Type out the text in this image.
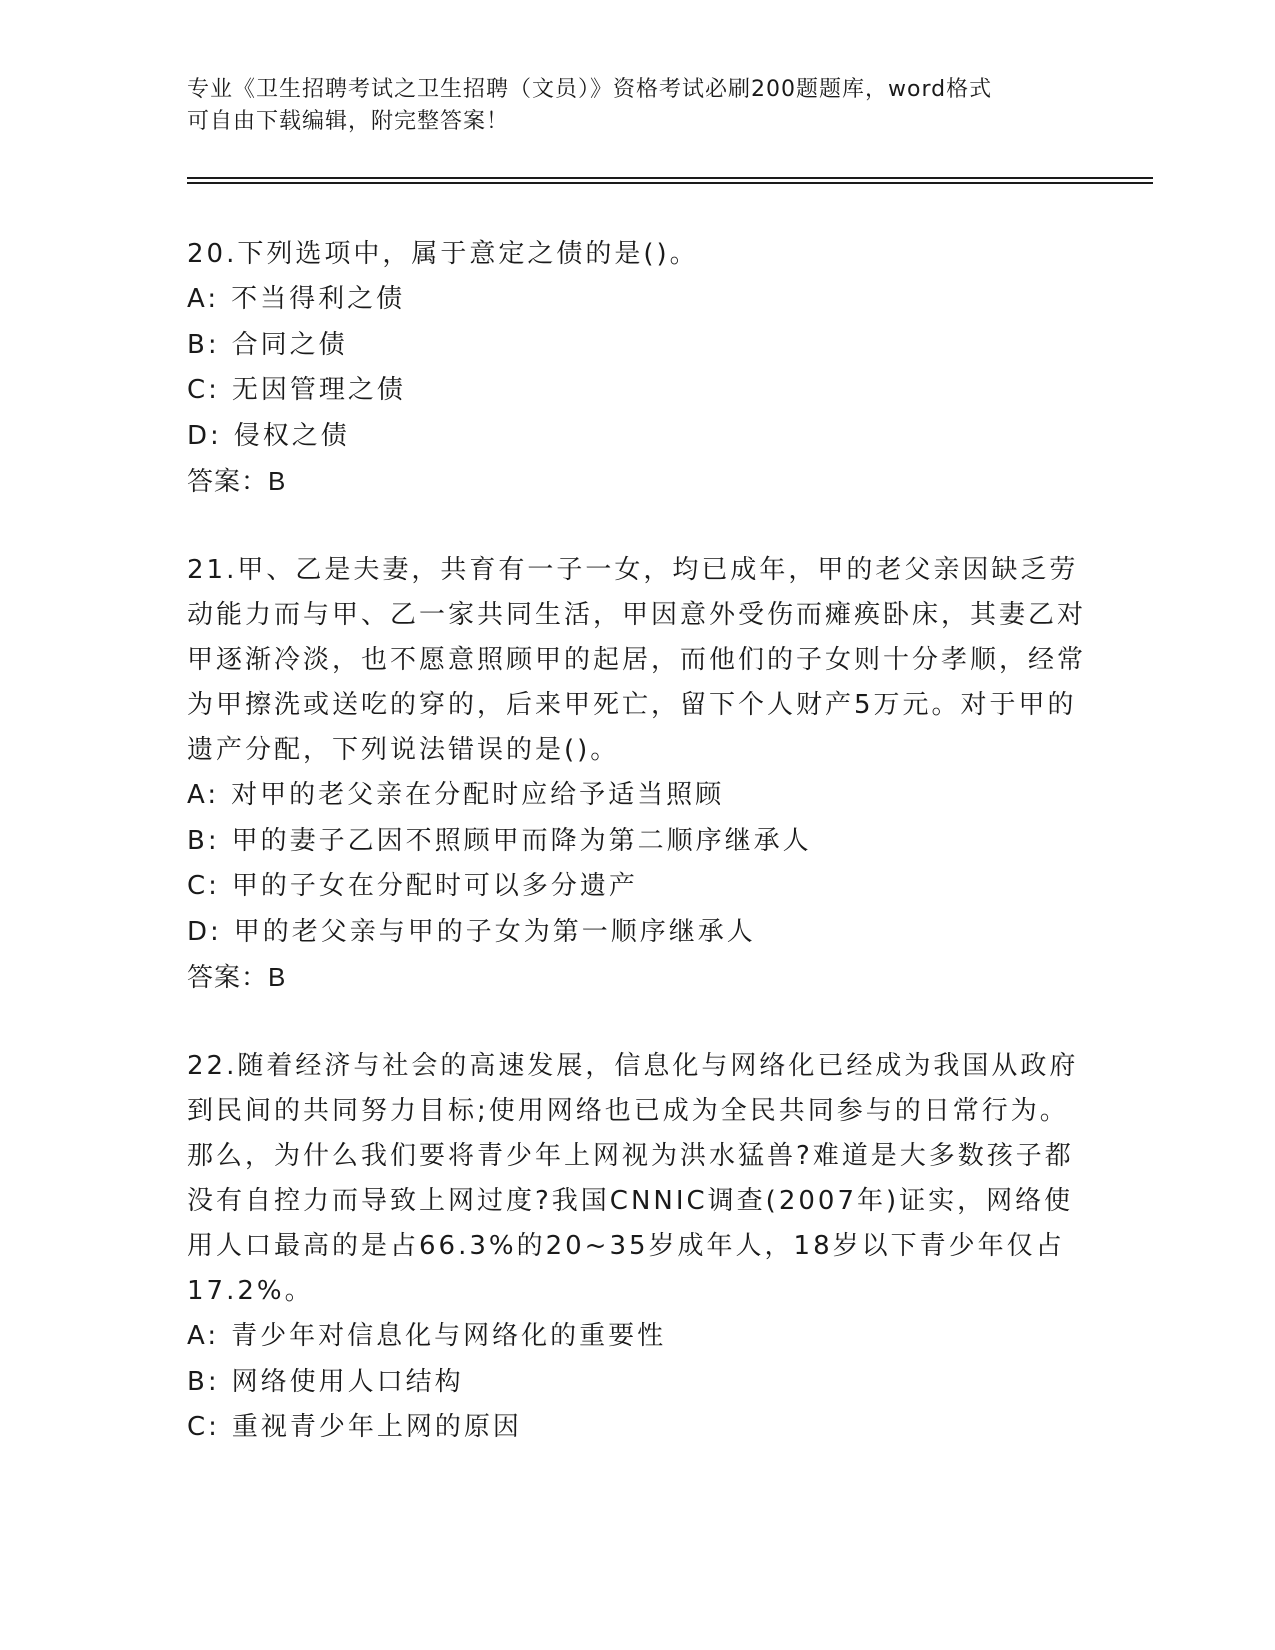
专业《卫生招聘考试之卫生招聘（文员）》资格考试必刷200题题库，word格式
可自由下载编辑，附完整答案！

20.下列选项中，属于意定之债的是()。

A: 不当得利之债

B: 合同之债

C: 无因管理之债

D: 侵权之债

答案：B

21.甲、乙是夫妻，共育有一子一女，均已成年，甲的老父亲因缺乏劳动能力而与甲、乙一家共同生活，甲因意外受伤而瘫痪卧床，其妻乙对甲逐渐冷淡，也不愿意照顾甲的起居，而他们的子女则十分孝顺，经常为甲擦洗或送吃的穿的，后来甲死亡，留下个人财产5万元。对于甲的遗产分配，下列说法错误的是()。

A: 对甲的老父亲在分配时应给予适当照顾

B: 甲的妻子乙因不照顾甲而降为第二顺序继承人

C: 甲的子女在分配时可以多分遗产

D: 甲的老父亲与甲的子女为第一顺序继承人

答案：B

22.随着经济与社会的高速发展，信息化与网络化已经成为我国从政府到民间的共同努力目标;使用网络也已成为全民共同参与的日常行为。那么，为什么我们要将青少年上网视为洪水猛兽?难道是大多数孩子都没有自控力而导致上网过度?我国CNNIC调查(2007年)证实，网络使用人口最高的是占66.3%的20~35岁成年人，18岁以下青少年仅占17.2%。

A: 青少年对信息化与网络化的重要性

B: 网络使用人口结构

C: 重视青少年上网的原因
